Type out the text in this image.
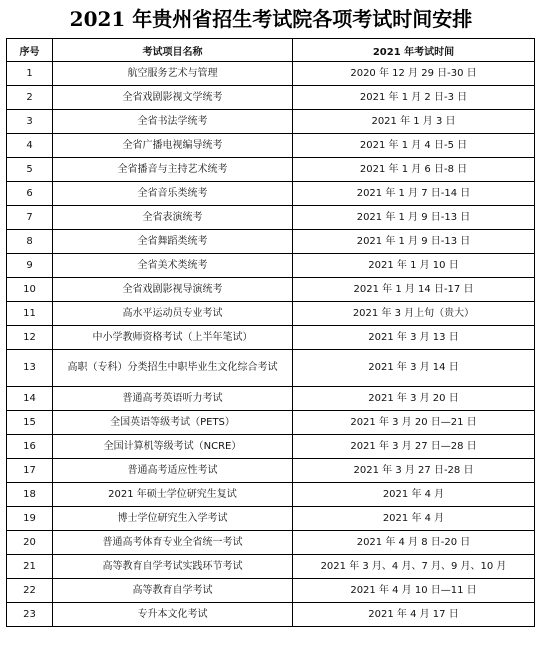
2021 年贵州省招生考试院各项考试时间安排
序号	考试项目名称	2021 年考试时间
1	航空服务艺术与管理	2020 年 12 月 29 日-30 日
2	全省戏剧影视文学统考	2021 年 1 月 2 日-3 日
3	全省书法学统考	2021 年 1 月 3 日
4	全省广播电视编导统考	2021 年 1 月 4 日-5 日
5	全省播音与主持艺术统考	2021 年 1 月 6 日-8 日
6	全省音乐类统考	2021 年 1 月 7 日-14 日
7	全省表演统考	2021 年 1 月 9 日-13 日
8	全省舞蹈类统考	2021 年 1 月 9 日-13 日
9	全省美术类统考	2021 年 1 月 10 日
10	全省戏剧影视导演统考	2021 年 1 月 14 日-17 日
11	高水平运动员专业考试	2021 年 3 月上旬（贵大）
12	中小学教师资格考试（上半年笔试）	2021 年 3 月 13 日
13	高职（专科）分类招生中职毕业生文化综合考试	2021 年 3 月 14 日
14	普通高考英语听力考试	2021 年 3 月 20 日
15	全国英语等级考试（PETS）	2021 年 3 月 20 日—21 日
16	全国计算机等级考试（NCRE）	2021 年 3 月 27 日—28 日
17	普通高考适应性考试	2021 年 3 月 27 日-28 日
18	2021 年硕士学位研究生复试	2021 年 4 月
19	博士学位研究生入学考试	2021 年 4 月
20	普通高考体育专业全省统一考试	2021 年 4 月 8 日-20 日
21	高等教育自学考试实践环节考试	2021 年 3 月、4 月、7 月、9 月、10 月
22	高等教育自学考试	2021 年 4 月 10 日—11 日
23	专升本文化考试	2021 年 4 月 17 日
